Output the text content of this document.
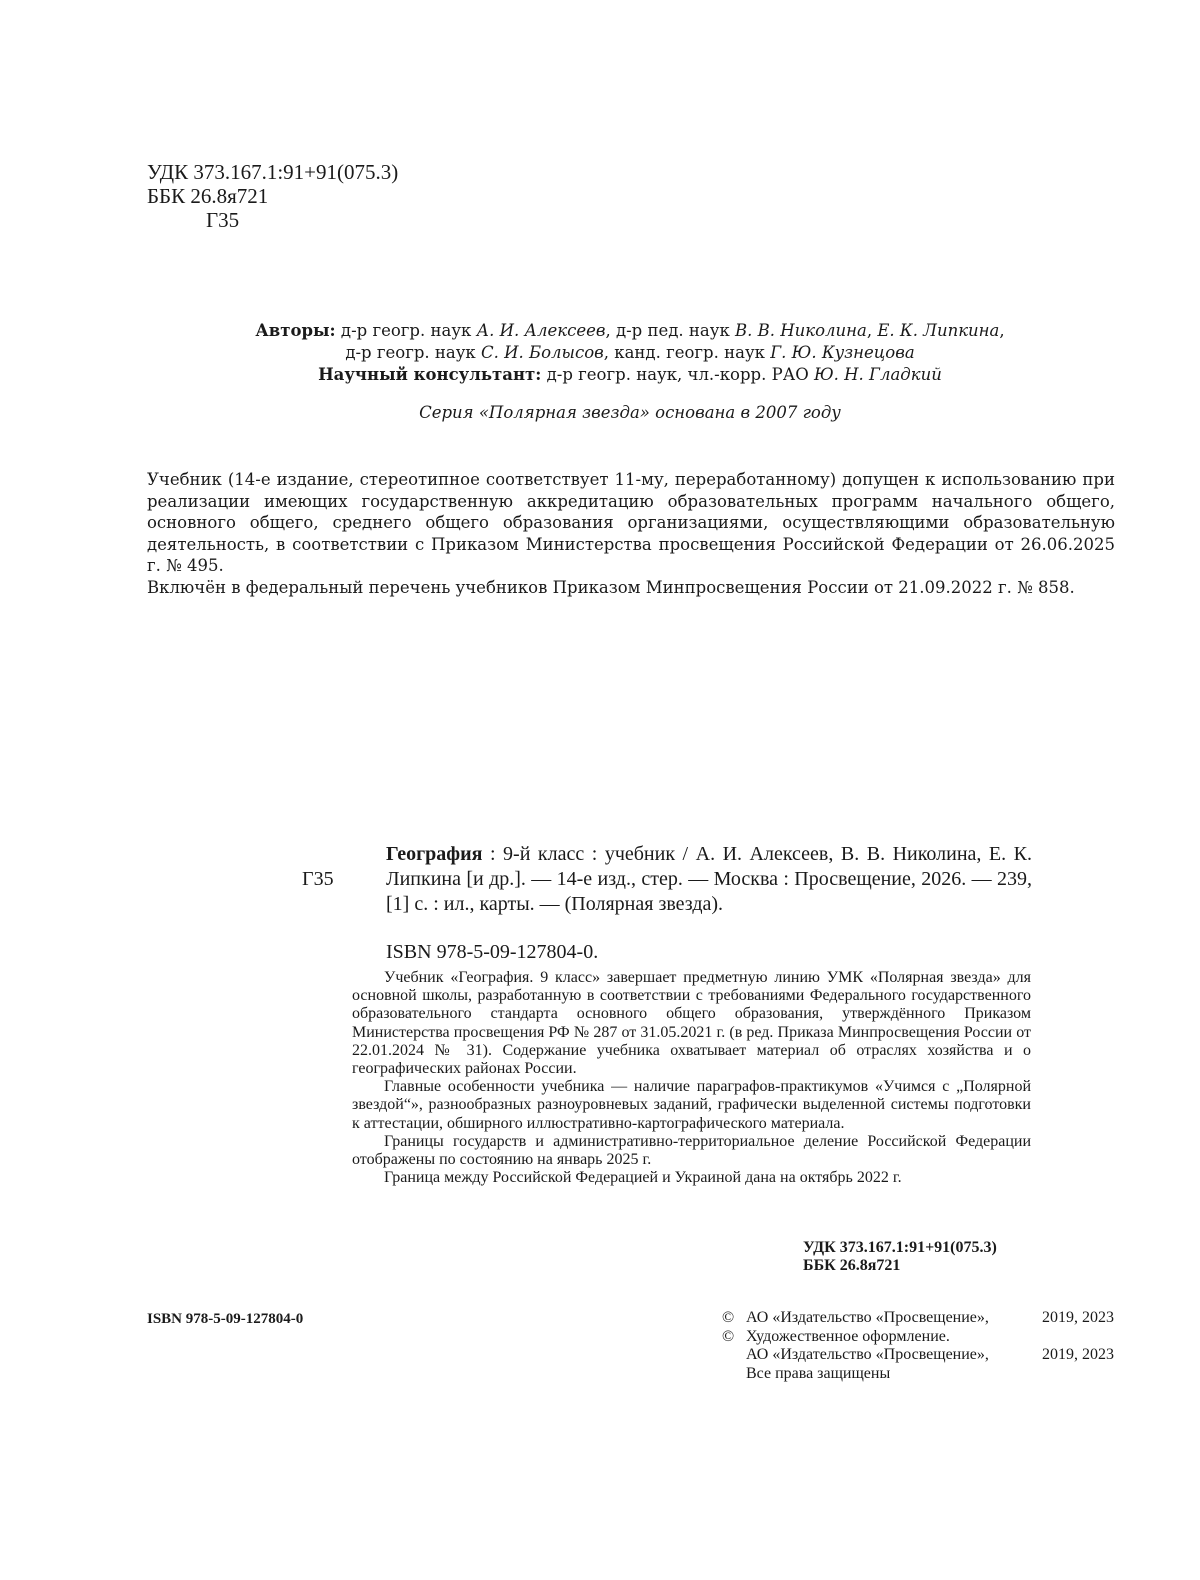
УДК 373.167.1:91+91(075.3)
ББК 26.8я721
Г35
Авторы: д-р геогр. наук А. И. Алексеев, д-р пед. наук В. В. Николина, Е. К. Липкина,
д-р геогр. наук С. И. Болысов, канд. геогр. наук Г. Ю. Кузнецова
Научный консультант: д-р геогр. наук, чл.-корр. РАО Ю. Н. Гладкий
Серия «Полярная звезда» основана в 2007 году

Учебник (14-е издание, стереотипное соответствует 11-му, переработанному) допущен к использованию при реализации имеющих государственную аккредитацию образовательных программ начального общего, основного общего, среднего общего образования организациями, осуществляющими образовательную деятельность, в соответствии с Приказом Министерства просвещения Российской Федерации от 26.06.2025 г. № 495.

Включён в федеральный перечень учебников Приказом Минпросвещения России от 21.09.2022 г. № 858.

Г35
География : 9-й класс : учебник / А. И. Алексеев, В. В. Николина, Е. К. Липкина [и др.]. — 14-е изд., стер. — Москва : Просвещение, 2026. — 239, [1] с. : ил., карты. — (Полярная звезда).
ISBN 978-5-09-127804-0.

Учебник «География. 9 класс» завершает предметную линию УМК «Полярная звезда» для основной школы, разработанную в соответствии с требованиями Федерального государственного образовательного стандарта основного общего образования, утверждённого Приказом Министерства просвещения РФ № 287 от 31.05.2021 г. (в ред. Приказа Минпросвещения России от 22.01.2024 № 31). Содержание учебника охватывает материал об отраслях хозяйства и о географических районах России.

Главные особенности учебника — наличие параграфов-практикумов «Учимся с „Полярной звездой“», разнообразных разноуровневых заданий, графически выделенной системы подготовки к аттестации, обширного иллюстративно-картографического материала.

Границы государств и административно-территориальное деление Российской Федерации отображены по состоянию на январь 2025 г.

Граница между Российской Федерацией и Украиной дана на октябрь 2022 г.

УДК 373.167.1:91+91(075.3)
ББК 26.8я721
ISBN 978-5-09-127804-0	© АО «Издательство «Просвещение»,	2019, 2023
© Художественное оформление.
АО «Издательство «Просвещение»,	2019, 2023
Все права защищены
